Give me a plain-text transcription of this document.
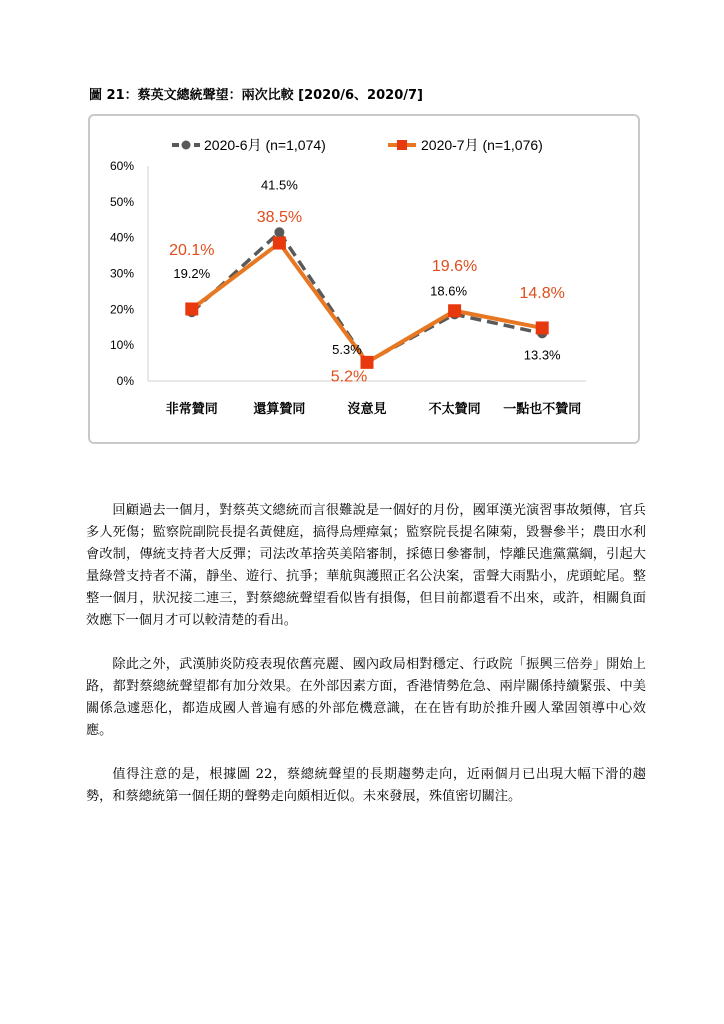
圖 21：蔡英文總統聲望：兩次比較 [2020/6、2020/7]
0%
10%
20%
30%
40%
50%
60%
非常贊同	還算贊同	沒意見	不太贊同 一點也不贊同
2020-6月 (n=1,074)	2020-7月 (n=1,076)
19.2%
41.5%
5.3%
18.6%
13.3%
20.1%
38.5%
5.2%
19.6%
14.8%

回顧過去一個月，對蔡英文總統而言很難說是一個好的月份，國軍漢光演習事故頻傳，官兵多人死傷；監察院副院長提名黃健庭，搞得烏煙瘴氣；監察院長提名陳菊，毀譽參半；農田水利會改制，傳統支持者大反彈；司法改革捨英美陪審制，採德日參審制，悖離民進黨黨綱，引起大量綠營支持者不滿，靜坐、遊行、抗爭；華航與護照正名公決案，雷聲大雨點小，虎頭蛇尾。整整一個月，狀況接二連三，對蔡總統聲望看似皆有損傷，但目前都還看不出來，或許，相關負面效應下一個月才可以較清楚的看出。

除此之外，武漢肺炎防疫表現依舊亮麗、國內政局相對穩定、行政院「振興三倍券」開始上路，都對蔡總統聲望都有加分效果。在外部因素方面，香港情勢危急、兩岸關係持續緊張、中美關係急遽惡化，都造成國人普遍有感的外部危機意識，在在皆有助於推升國人鞏固領導中心效應。

值得注意的是，根據圖 22，蔡總統聲望的長期趨勢走向，近兩個月已出現大幅下滑的趨勢，和蔡總統第一個任期的聲勢走向頗相近似。未來發展，殊值密切關注。
